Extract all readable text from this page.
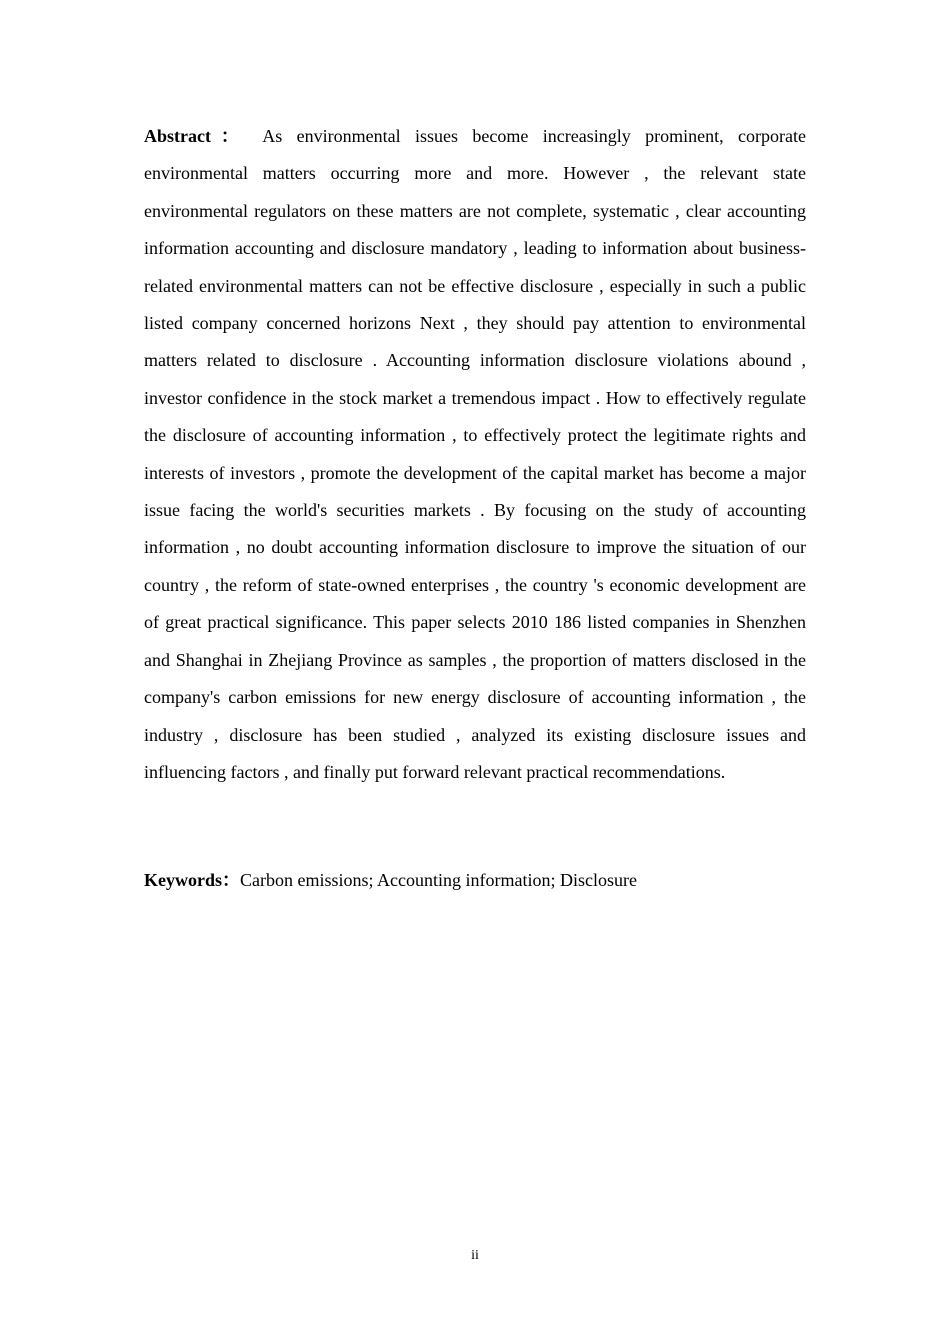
Abstract： As environmental issues become increasingly prominent, corporate environmental matters occurring more and more. However , the relevant state environmental regulators on these matters are not complete, systematic , clear accounting information accounting and disclosure mandatory , leading to information about business-related environmental matters can not be effective disclosure , especially in such a public listed company concerned horizons Next , they should pay attention to environmental matters related to disclosure . Accounting information disclosure violations abound , investor confidence in the stock market a tremendous impact . How to effectively regulate the disclosure of accounting information , to effectively protect the legitimate rights and interests of investors , promote the development of the capital market has become a major issue facing the world's securities markets . By focusing on the study of accounting information , no doubt accounting information disclosure to improve the situation of our country , the reform of state-owned enterprises , the country 's economic development are of great practical significance. This paper selects 2010 186 listed companies in Shenzhen and Shanghai in Zhejiang Province as samples , the proportion of matters disclosed in the company's carbon emissions for new energy disclosure of accounting information , the industry , disclosure has been studied , analyzed its existing disclosure issues and influencing factors , and finally put forward relevant practical recommendations.

Keywords：Carbon emissions; Accounting information; Disclosure

ii
